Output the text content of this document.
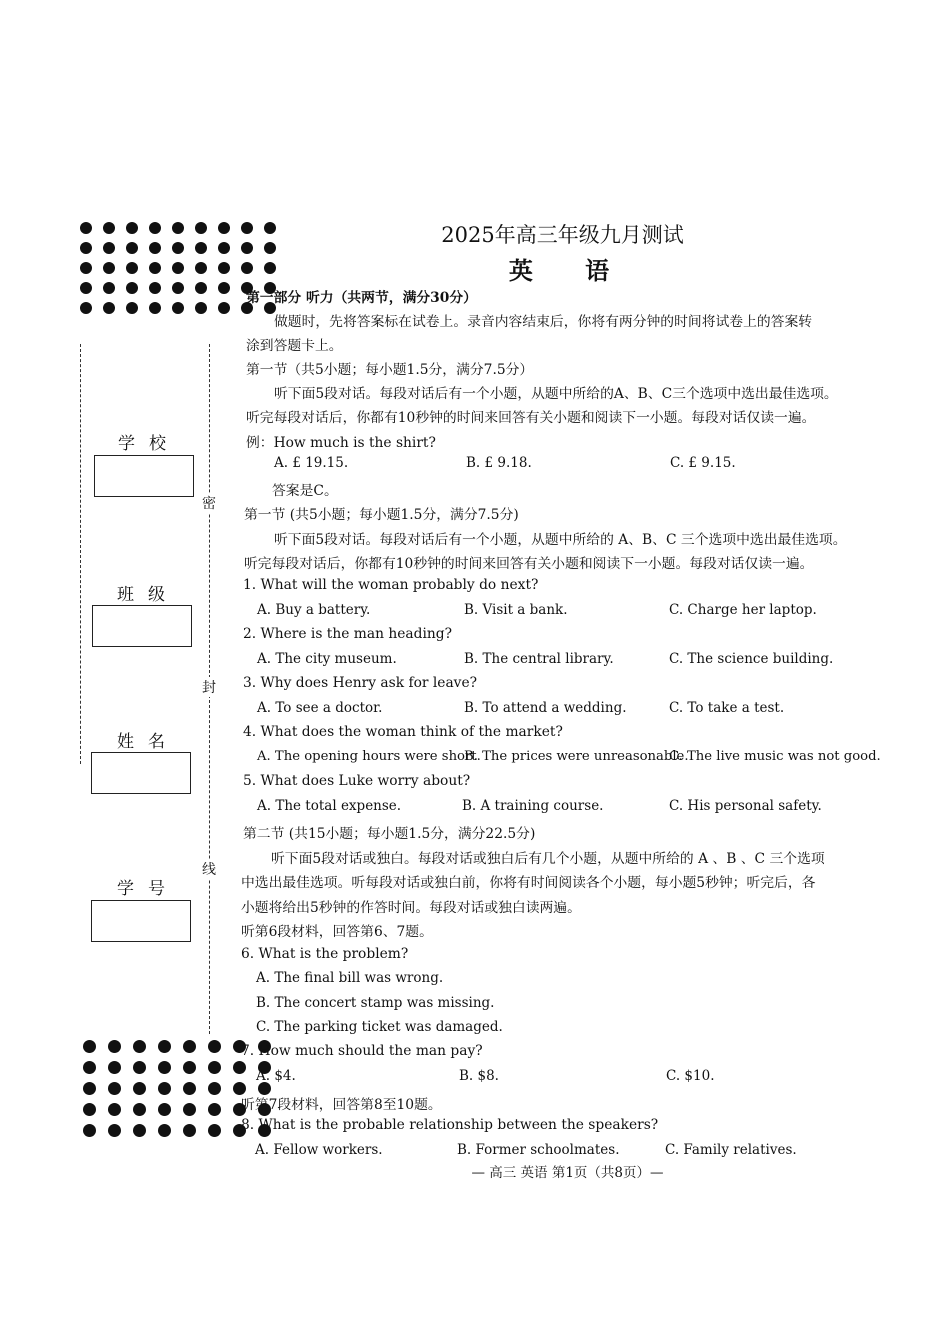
密
封
线
学校
班级
姓名
学号
2025年高三年级九月测试
英 语
第一部分 听力（共两节，满分30分）
做题时，先将答案标在试卷上。录音内容结束后，你将有两分钟的时间将试卷上的答案转
涂到答题卡上。
第一节（共5小题；每小题1.5分，满分7.5分）
听下面5段对话。每段对话后有一个小题，从题中所给的A、B、C三个选项中选出最佳选项。
听完每段对话后，你都有10秒钟的时间来回答有关小题和阅读下一小题。每段对话仅读一遍。
例：How much is the shirt?
A. £ 19.15.	B. £ 9.18.	C. £ 9.15.
答案是C。
第一节 (共5小题；每小题1.5分，满分7.5分)
听下面5段对话。每段对话后有一个小题，从题中所给的 A、B、C 三个选项中选出最佳选项。
听完每段对话后，你都有10秒钟的时间来回答有关小题和阅读下一小题。每段对话仅读一遍。
1. What will the woman probably do next?
A. Buy a battery.	B. Visit a bank.	C. Charge her laptop.
2. Where is the man heading?
A. The city museum.	B. The central library.	C. The science building.
3. Why does Henry ask for leave?
A. To see a doctor.	B. To attend a wedding.	C. To take a test.
4. What does the woman think of the market?
A. The opening hours were short.
B. The prices were unreasonable.
C. The live music was not good.
5. What does Luke worry about?
A. The total expense.	B. A training course.	C. His personal safety.
第二节 (共15小题；每小题1.5分，满分22.5分)
听下面5段对话或独白。每段对话或独白后有几个小题，从题中所给的 A 、B 、C 三个选项
中选出最佳选项。听每段对话或独白前，你将有时间阅读各个小题，每小题5秒钟；听完后，各
小题将给出5秒钟的作答时间。每段对话或独白读两遍。
听第6段材料，回答第6、7题。
6. What is the problem?
A. The final bill was wrong.
B. The concert stamp was missing.
C. The parking ticket was damaged.
7. How much should the man pay?
A. $4.	B. $8.	C. $10.
听第7段材料，回答第8至10题。
8. What is the probable relationship between the speakers?
A. Fellow workers.	B. Former schoolmates.	C. Family relatives.
— 高三 英语 第1页（共8页）—
